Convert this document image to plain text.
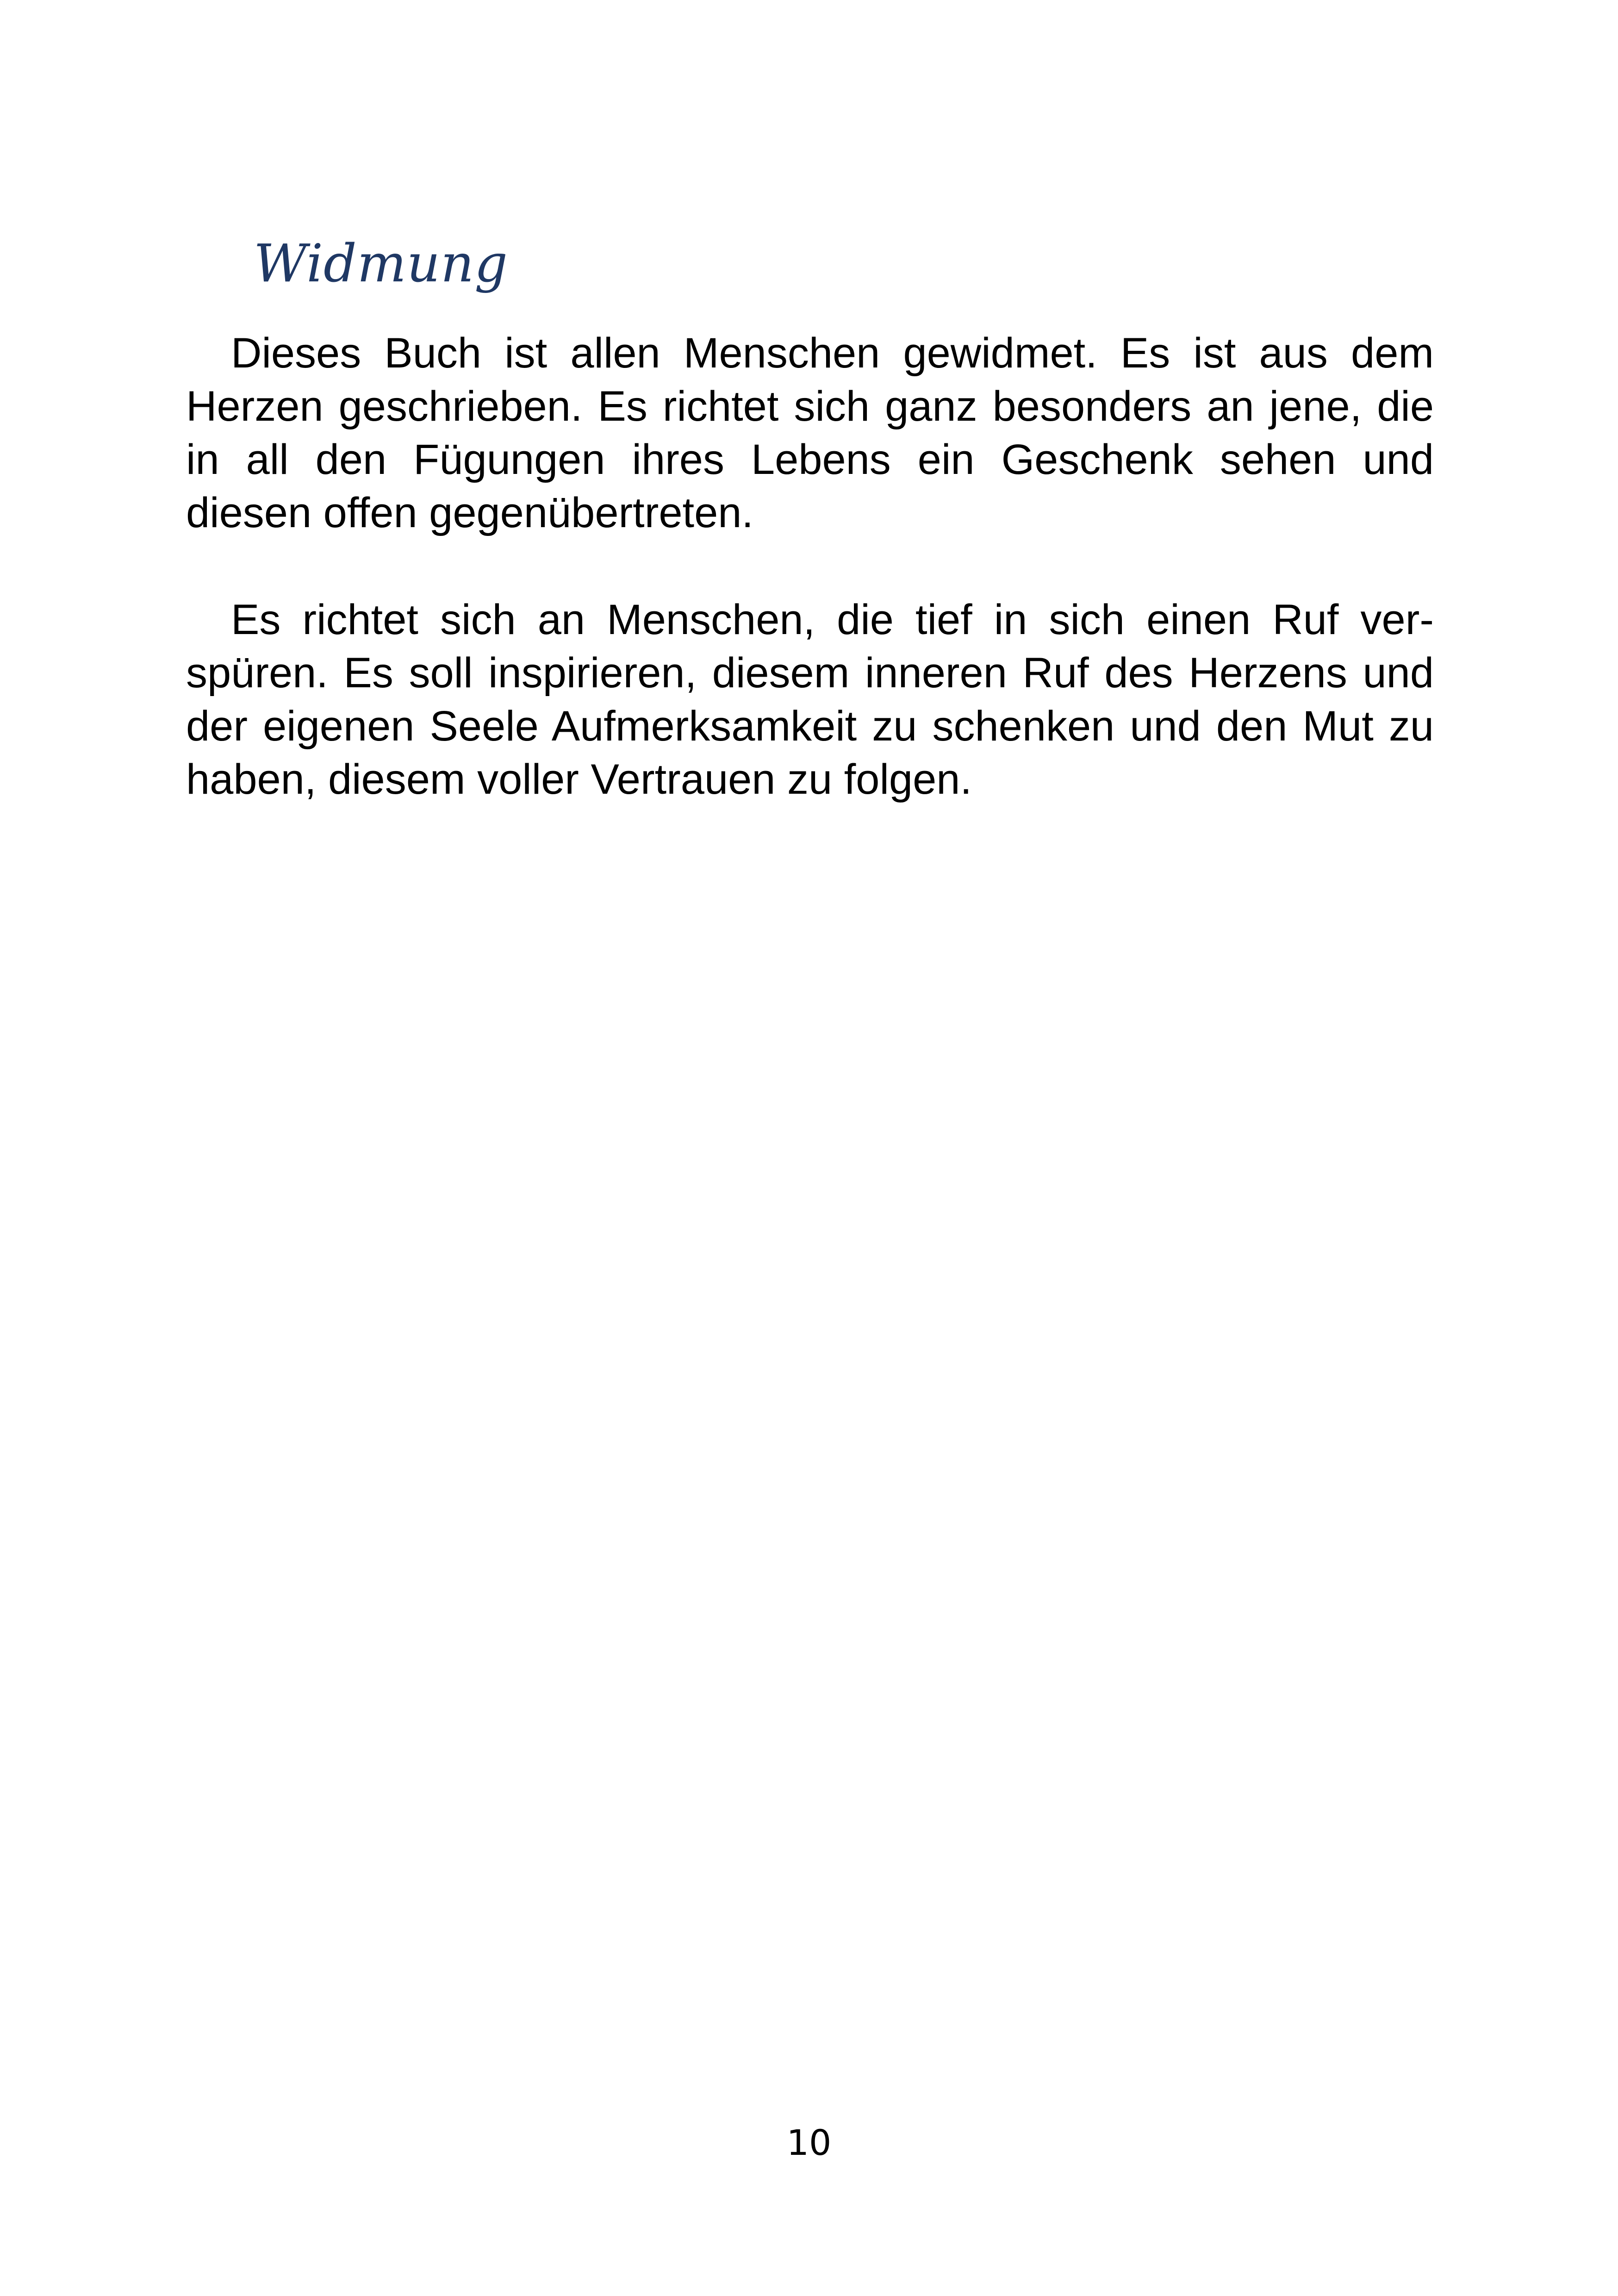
Widmung

Dieses Buch ist allen Menschen gewidmet. Es ist aus dem Herzen geschrieben. Es richtet sich ganz besonders an jene, die in all den Fügungen ihres Lebens ein Geschenk sehen und diesen offen gegenübertreten.

Es richtet sich an Menschen, die tief in sich einen Ruf verspüren. Es soll inspirieren, diesem inneren Ruf des Herzens und der eigenen Seele Aufmerksamkeit zu schenken und den Mut zu haben, diesem voller Vertrauen zu folgen.

10
